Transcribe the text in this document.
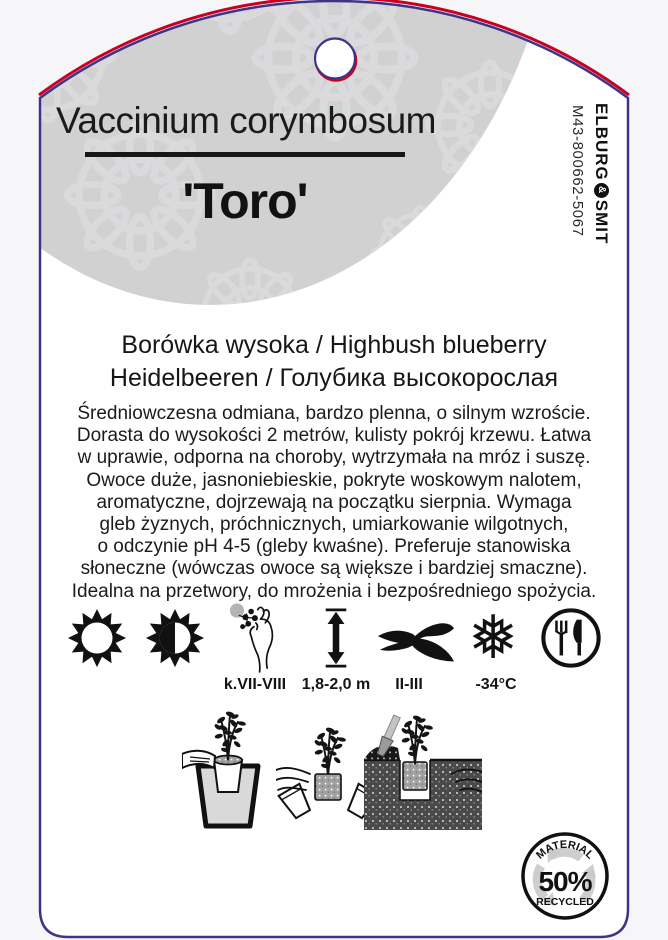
Vaccinium corymbosum
'Toro'
ELBURG&SMIT
M43-800662-5067
Borówka wysoka / Highbush blueberry
Heidelbeeren / Голубика высокорослая
Średniowczesna odmiana, bardzo plenna, o silnym wzroście.
Dorasta do wysokości 2 metrów, kulisty pokrój krzewu. Łatwa
w uprawie, odporna na choroby, wytrzymała na mróz i suszę.
Owoce duże, jasnoniebieskie, pokryte woskowym nalotem,
aromatyczne, dojrzewają na początku sierpnia. Wymaga
gleb żyznych, próchnicznych, umiarkowanie wilgotnych,
o odczynie pH 4-5 (gleby kwaśne). Preferuje stanowiska
słoneczne (wówczas owoce są większe i bardziej smaczne).
Idealna na przetwory, do mrożenia i bezpośredniego spożycia.
❅
k.VII-VIII 1,8-2,0 m II-III	-34°C
MATERIAL
50%
RECYCLED
